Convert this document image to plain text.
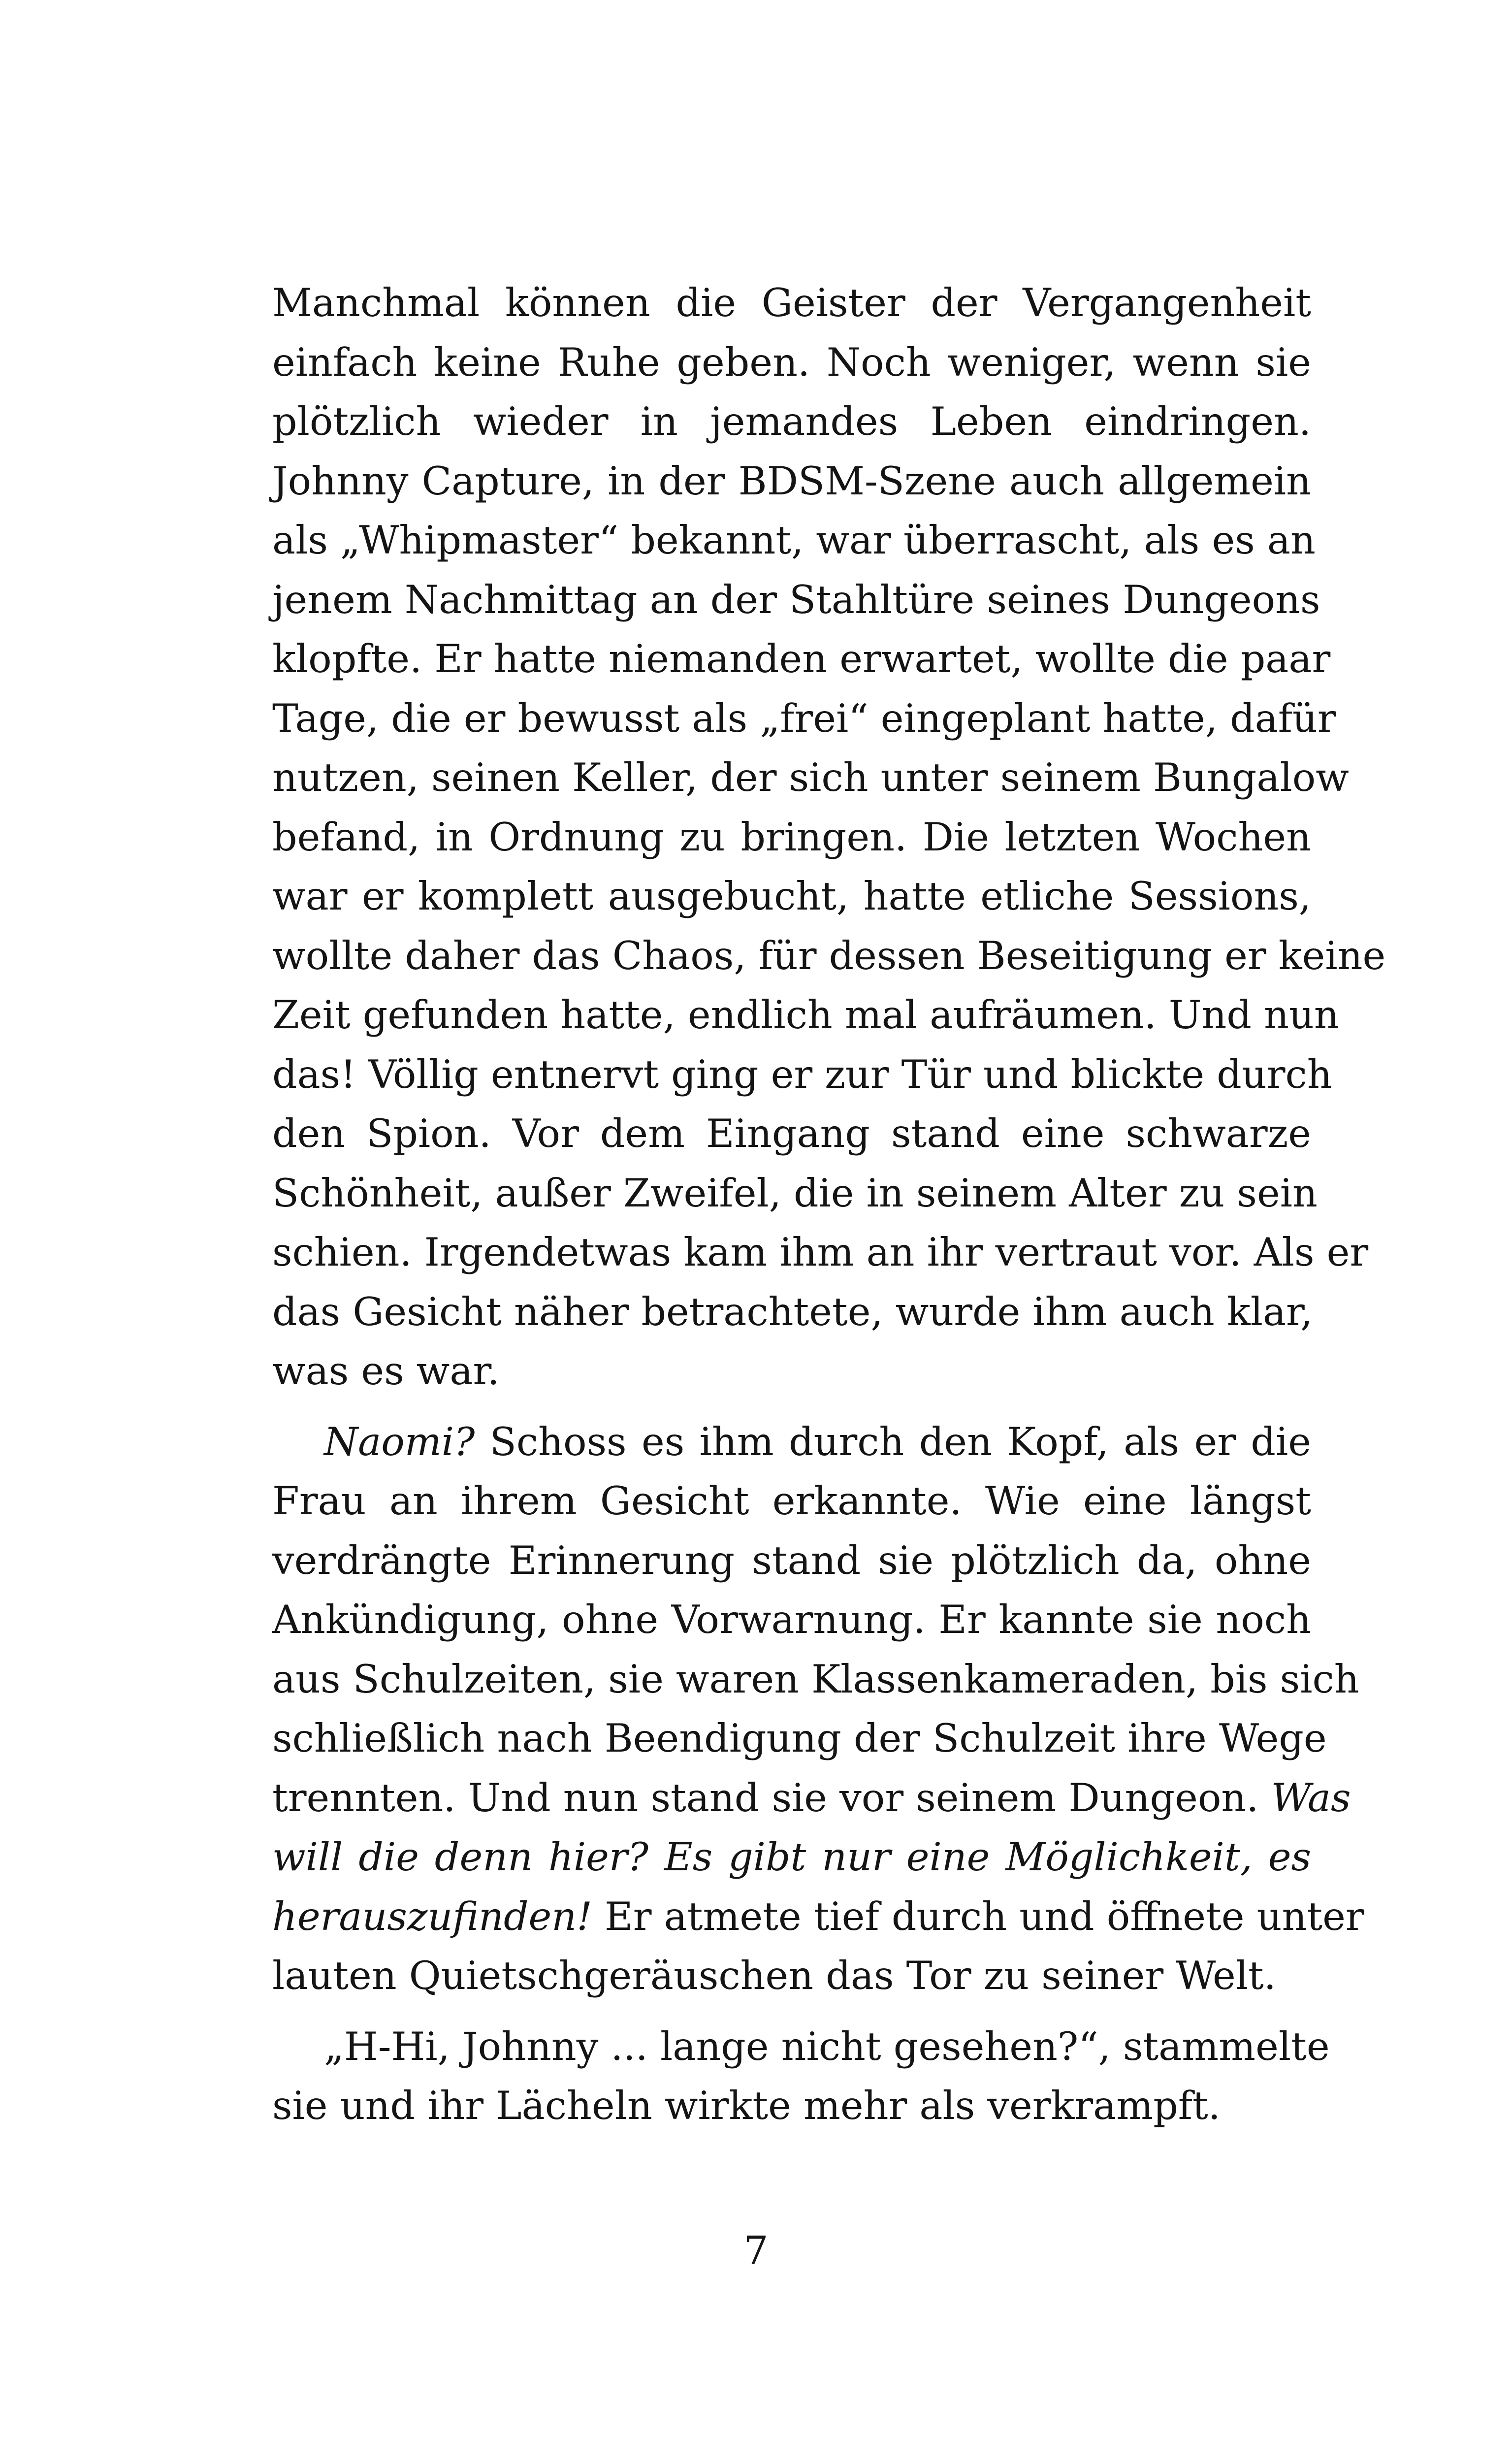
Manchmal können die Geister der Vergangenheit
einfach keine Ruhe geben. Noch weniger, wenn sie
plötzlich wieder in jemandes Leben eindringen.
Johnny Capture, in der BDSM-Szene auch allgemein
als „Whipmaster“ bekannt, war überrascht, als es an
jenem Nachmittag an der Stahltüre seines Dungeons
klopfte. Er hatte niemanden erwartet, wollte die paar
Tage, die er bewusst als „frei“ eingeplant hatte, dafür
nutzen, seinen Keller, der sich unter seinem Bungalow
befand, in Ordnung zu bringen. Die letzten Wochen
war er komplett ausgebucht, hatte etliche Sessions,
wollte daher das Chaos, für dessen Beseitigung er keine
Zeit gefunden hatte, endlich mal aufräumen. Und nun
das! Völlig entnervt ging er zur Tür und blickte durch
den Spion. Vor dem Eingang stand eine schwarze
Schönheit, außer Zweifel, die in seinem Alter zu sein
schien. Irgendetwas kam ihm an ihr vertraut vor. Als er
das Gesicht näher betrachtete, wurde ihm auch klar,
was es war.
Naomi? Schoss es ihm durch den Kopf, als er die
Frau an ihrem Gesicht erkannte. Wie eine längst
verdrängte Erinnerung stand sie plötzlich da, ohne
Ankündigung, ohne Vorwarnung. Er kannte sie noch
aus Schulzeiten, sie waren Klassenkameraden, bis sich
schließlich nach Beendigung der Schulzeit ihre Wege
trennten. Und nun stand sie vor seinem Dungeon. Was
will die denn hier? Es gibt nur eine Möglichkeit, es
herauszufinden! Er atmete tief durch und öffnete unter
lauten Quietschgeräuschen das Tor zu seiner Welt.
„H-Hi, Johnny ... lange nicht gesehen?“, stammelte
sie und ihr Lächeln wirkte mehr als verkrampft.
7
